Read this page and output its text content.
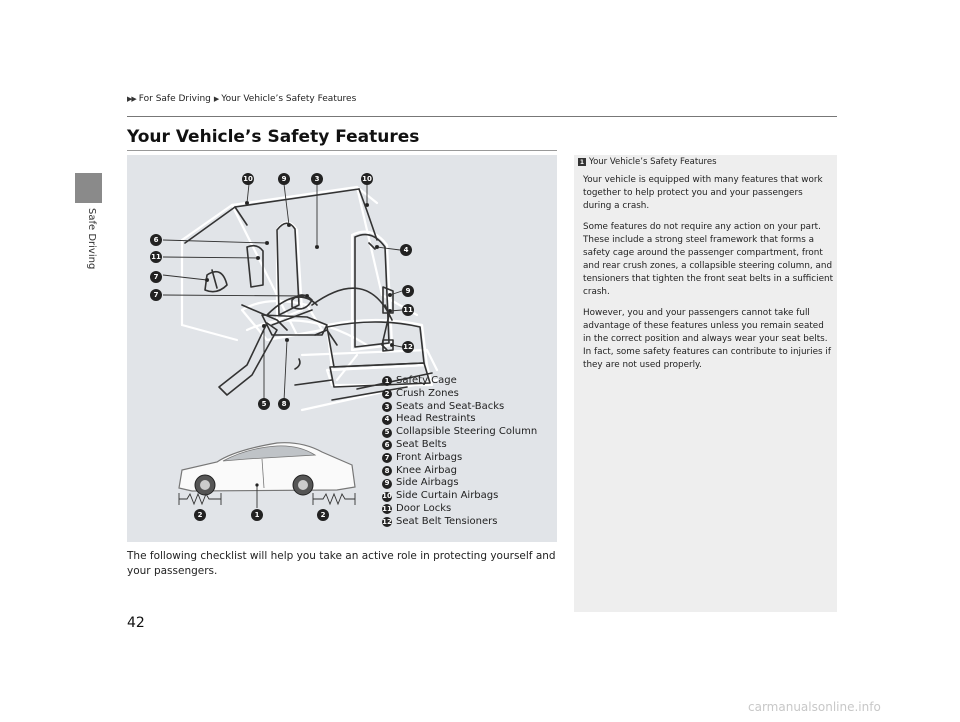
Safe Driving
▶▶ For Safe Driving ▶ Your Vehicle’s Safety Features
Your Vehicle’s Safety Features
10	9	3	10
6
11
7
7
4
9
11
12
5	8
2	1	2
1 Safety Cage
2 Crush Zones
3 Seats and Seat-Backs
4 Head Restraints
5 Collapsible Steering Column
6 Seat Belts
7 Front Airbags
8 Knee Airbag
9 Side Airbags
10 Side Curtain Airbags
11 Door Locks
12 Seat Belt Tensioners

The following checklist will help you take an active role in protecting yourself and your passengers.

1 Your Vehicle’s Safety Features

Your vehicle is equipped with many features that work together to help protect you and your passengers during a crash.

Some features do not require any action on your part. These include a strong steel framework that forms a safety cage around the passenger compartment, front and rear crush zones, a collapsible steering column, and tensioners that tighten the front seat belts in a sufficient crash.

However, you and your passengers cannot take full advantage of these features unless you remain seated in the correct position and always wear your seat belts. In fact, some safety features can contribute to injuries if they are not used properly.

42
carmanualsonline.info
